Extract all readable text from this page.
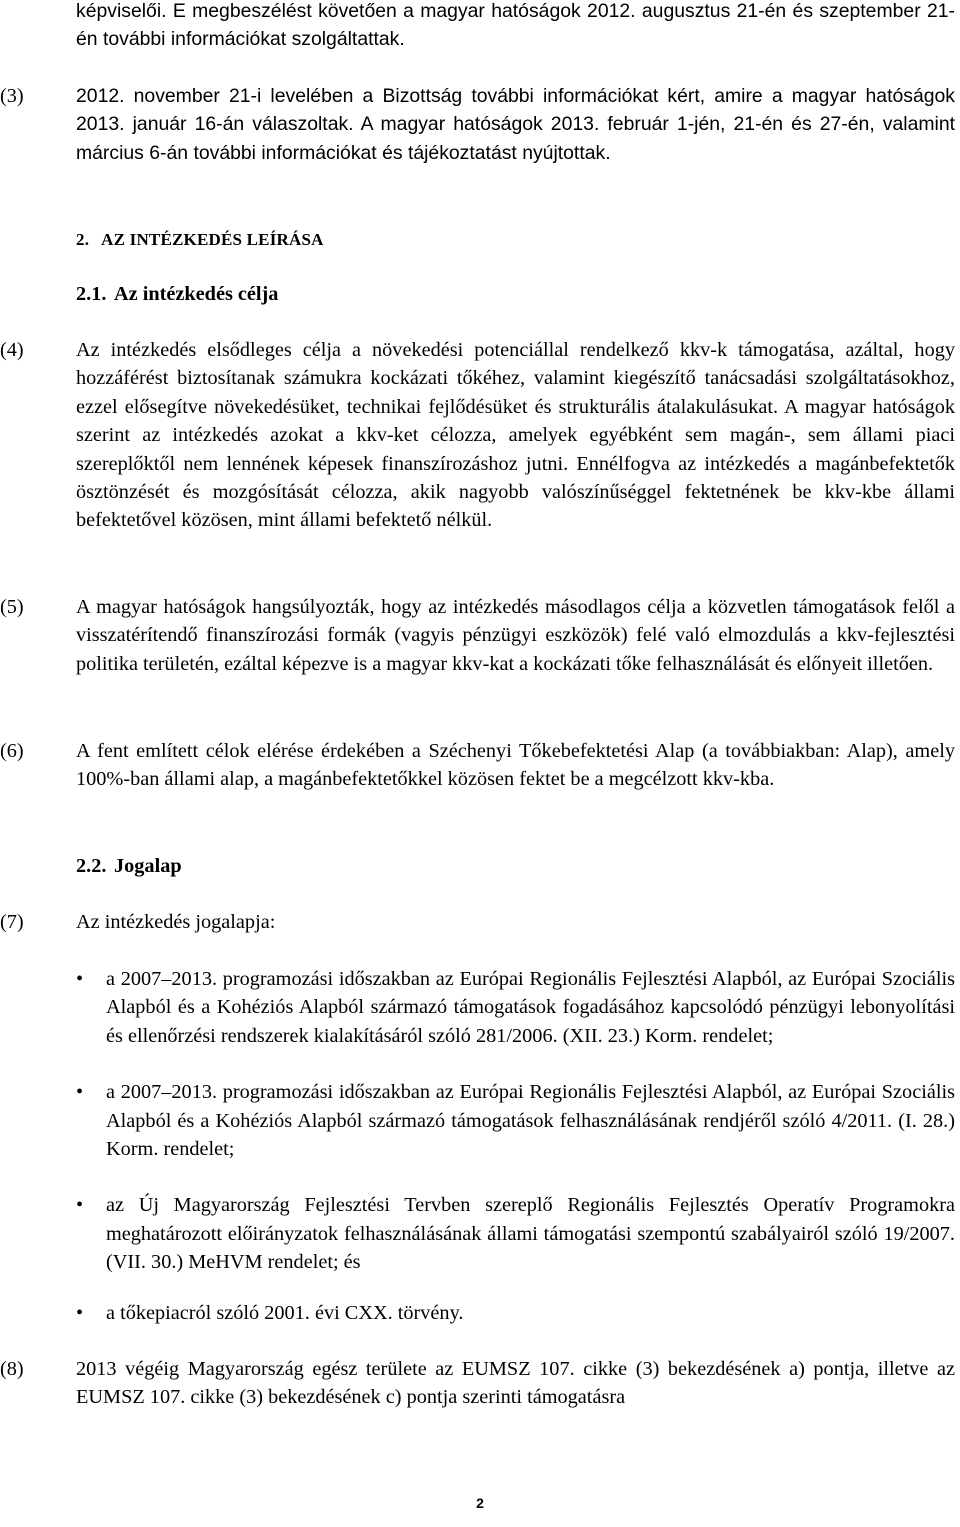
képviselői. E megbeszélést követően a magyar hatóságok 2012. augusztus 21-én és szeptember 21-én további információkat szolgáltattak.

(3)	2012. november 21-i levelében a Bizottság további információkat kért, amire a magyar hatóságok 2013. január 16-án válaszoltak. A magyar hatóságok 2013. február 1-jén, 21-én és 27-én, valamint március 6-án további információkat és tájékoztatást nyújtottak.

2. AZ INTÉZKEDÉS LEÍRÁSA
2.1. Az intézkedés célja
(4)	Az intézkedés elsődleges célja a növekedési potenciállal rendelkező kkv-k támogatása, azáltal, hogy hozzáférést biztosítanak számukra kockázati tőkéhez, valamint kiegészítő tanácsadási szolgáltatásokhoz, ezzel elősegítve növekedésüket, technikai fejlődésüket és strukturális átalakulásukat. A magyar hatóságok szerint az intézkedés azokat a kkv-ket célozza, amelyek egyébként sem magán-, sem állami piaci szereplőktől nem lennének képesek finanszírozáshoz jutni. Ennélfogva az intézkedés a magánbefektetők ösztönzését és mozgósítását célozza, akik nagyobb valószínűséggel fektetnének be kkv-kbe állami befektetővel közösen, mint állami befektető nélkül.

(5)	A magyar hatóságok hangsúlyozták, hogy az intézkedés másodlagos célja a közvetlen támogatások felől a visszatérítendő finanszírozási formák (vagyis pénzügyi eszközök) felé való elmozdulás a kkv-fejlesztési politika területén, ezáltal képezve is a magyar kkv-kat a kockázati tőke felhasználását és előnyeit illetően.

(6)	A fent említett célok elérése érdekében a Széchenyi Tőkebefektetési Alap (a továbbiakban: Alap), amely 100%-ban állami alap, a magánbefektetőkkel közösen fektet be a megcélzott kkv-kba.

2.2. Jogalap
(7)	Az intézkedés jogalapja:

• a 2007–2013. programozási időszakban az Európai Regionális Fejlesztési Alapból, az Európai Szociális Alapból és a Kohéziós Alapból származó támogatások fogadásához kapcsolódó pénzügyi lebonyolítási és ellenőrzési rendszerek kialakításáról szóló 281/2006. (XII. 23.) Korm. rendelet;
• a 2007–2013. programozási időszakban az Európai Regionális Fejlesztési Alapból, az Európai Szociális Alapból és a Kohéziós Alapból származó támogatások felhasználásának rendjéről szóló 4/2011. (I. 28.) Korm. rendelet;
• az Új Magyarország Fejlesztési Tervben szereplő Regionális Fejlesztés Operatív Programokra meghatározott előirányzatok felhasználásának állami támogatási szempontú szabályairól szóló 19/2007. (VII. 30.) MeHVM rendelet; és
• a tőkepiacról szóló 2001. évi CXX. törvény.
(8)	2013 végéig Magyarország egész területe az EUMSZ 107. cikke (3) bekezdésének a) pontja, illetve az EUMSZ 107. cikke (3) bekezdésének c) pontja szerinti támogatásra

2
